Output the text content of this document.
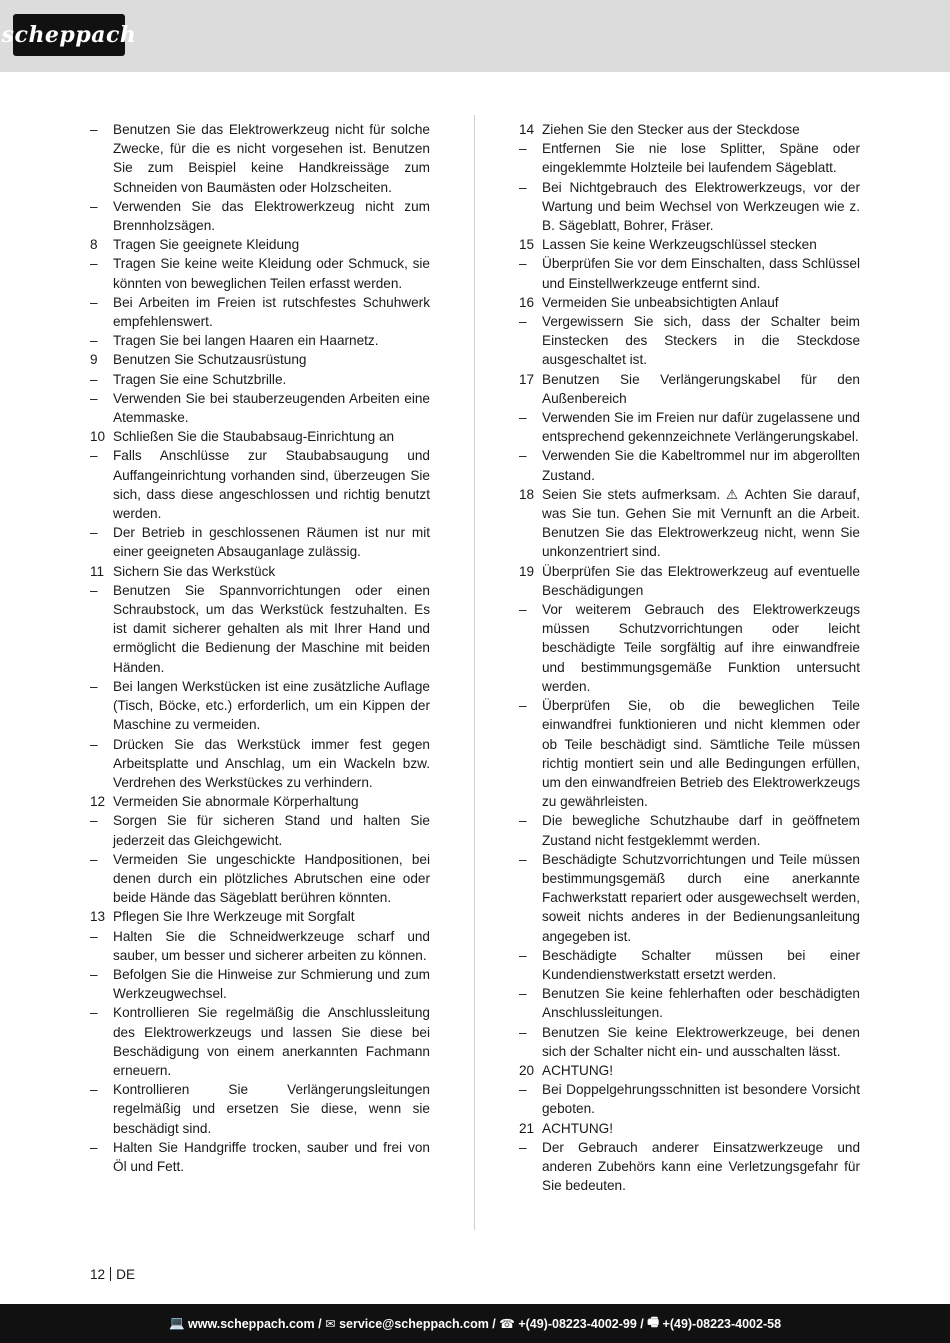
scheppach
–	Benutzen Sie das Elektrowerkzeug nicht für solche Zwecke, für die es nicht vorgesehen ist. Benutzen Sie zum Beispiel keine Handkreissäge zum Schneiden von Baumästen oder Holzscheiten.
–	Verwenden Sie das Elektrowerkzeug nicht zum Brennholzsägen.
8	Tragen Sie geeignete Kleidung
–	Tragen Sie keine weite Kleidung oder Schmuck, sie könnten von beweglichen Teilen erfasst werden.
–	Bei Arbeiten im Freien ist rutschfestes Schuhwerk empfehlenswert.
–	Tragen Sie bei langen Haaren ein Haarnetz.
9	Benutzen Sie Schutzausrüstung
–	Tragen Sie eine Schutzbrille.
–	Verwenden Sie bei stauberzeugenden Arbeiten eine Atemmaske.
10 Schließen Sie die Staubabsaug-Einrichtung an
–	Falls Anschlüsse zur Staubabsaugung und Auffangeinrichtung vorhanden sind, überzeugen Sie sich, dass diese angeschlossen und richtig benutzt werden.
–	Der Betrieb in geschlossenen Räumen ist nur mit einer geeigneten Absauganlage zulässig.
11 Sichern Sie das Werkstück
–	Benutzen Sie Spannvorrichtungen oder einen Schraubstock, um das Werkstück festzuhalten. Es ist damit sicherer gehalten als mit Ihrer Hand und ermöglicht die Bedienung der Maschine mit beiden Händen.
–	Bei langen Werkstücken ist eine zusätzliche Auflage (Tisch, Böcke, etc.) erforderlich, um ein Kippen der Maschine zu vermeiden.
–	Drücken Sie das Werkstück immer fest gegen Arbeitsplatte und Anschlag, um ein Wackeln bzw. Verdrehen des Werkstückes zu verhindern.
12 Vermeiden Sie abnormale Körperhaltung
–	Sorgen Sie für sicheren Stand und halten Sie jederzeit das Gleichgewicht.
–	Vermeiden Sie ungeschickte Handpositionen, bei denen durch ein plötzliches Abrutschen eine oder beide Hände das Sägeblatt berühren könnten.
13 Pflegen Sie Ihre Werkzeuge mit Sorgfalt
–	Halten Sie die Schneidwerkzeuge scharf und sauber, um besser und sicherer arbeiten zu können.
–	Befolgen Sie die Hinweise zur Schmierung und zum Werkzeugwechsel.
–	Kontrollieren Sie regelmäßig die Anschlussleitung des Elektrowerkzeugs und lassen Sie diese bei Beschädigung von einem anerkannten Fachmann erneuern.
–	Kontrollieren Sie Verlängerungsleitungen regelmäßig und ersetzen Sie diese, wenn sie beschädigt sind.
–	Halten Sie Handgriffe trocken, sauber und frei von Öl und Fett.
14 Ziehen Sie den Stecker aus der Steckdose
–	Entfernen Sie nie lose Splitter, Späne oder eingeklemmte Holzteile bei laufendem Sägeblatt.
–	Bei Nichtgebrauch des Elektrowerkzeugs, vor der Wartung und beim Wechsel von Werkzeugen wie z. B. Sägeblatt, Bohrer, Fräser.
15 Lassen Sie keine Werkzeugschlüssel stecken
–	Überprüfen Sie vor dem Einschalten, dass Schlüssel und Einstellwerkzeuge entfernt sind.
16 Vermeiden Sie unbeabsichtigten Anlauf
–	Vergewissern Sie sich, dass der Schalter beim Einstecken des Steckers in die Steckdose ausgeschaltet ist.
17 Benutzen Sie Verlängerungskabel für den Außenbereich
–	Verwenden Sie im Freien nur dafür zugelassene und entsprechend gekennzeichnete Verlängerungskabel.
–	Verwenden Sie die Kabeltrommel nur im abgerollten Zustand.
18 Seien Sie stets aufmerksam. ⚠ Achten Sie darauf, was Sie tun. Gehen Sie mit Vernunft an die Arbeit. Benutzen Sie das Elektrowerkzeug nicht, wenn Sie unkonzentriert sind.
19 Überprüfen Sie das Elektrowerkzeug auf eventuelle Beschädigungen
–	Vor weiterem Gebrauch des Elektrowerkzeugs müssen Schutzvorrichtungen oder leicht beschädigte Teile sorgfältig auf ihre einwandfreie und bestimmungsgemäße Funktion untersucht werden.
–	Überprüfen Sie, ob die beweglichen Teile einwandfrei funktionieren und nicht klemmen oder ob Teile beschädigt sind. Sämtliche Teile müssen richtig montiert sein und alle Bedingungen erfüllen, um den einwandfreien Betrieb des Elektrowerkzeugs zu gewährleisten.
–	Die bewegliche Schutzhaube darf in geöffnetem Zustand nicht festgeklemmt werden.
–	Beschädigte Schutzvorrichtungen und Teile müssen bestimmungsgemäß durch eine anerkannte Fachwerkstatt repariert oder ausgewechselt werden, soweit nichts anderes in der Bedienungsanleitung angegeben ist.
–	Beschädigte Schalter müssen bei einer Kundendienstwerkstatt ersetzt werden.
–	Benutzen Sie keine fehlerhaften oder beschädigten Anschlussleitungen.
–	Benutzen Sie keine Elektrowerkzeuge, bei denen sich der Schalter nicht ein- und ausschalten lässt.
20 ACHTUNG!
–	Bei Doppelgehrungsschnitten ist besondere Vorsicht geboten.
21 ACHTUNG!
–	Der Gebrauch anderer Einsatzwerkzeuge und anderen Zubehörs kann eine Verletzungsgefahr für Sie bedeuten.
12 DE
💻
www.scheppach.com / ✉
service@scheppach.com / ☎
+(49)-08223-4002-99 / 🖷
+(49)-08223-4002-58
